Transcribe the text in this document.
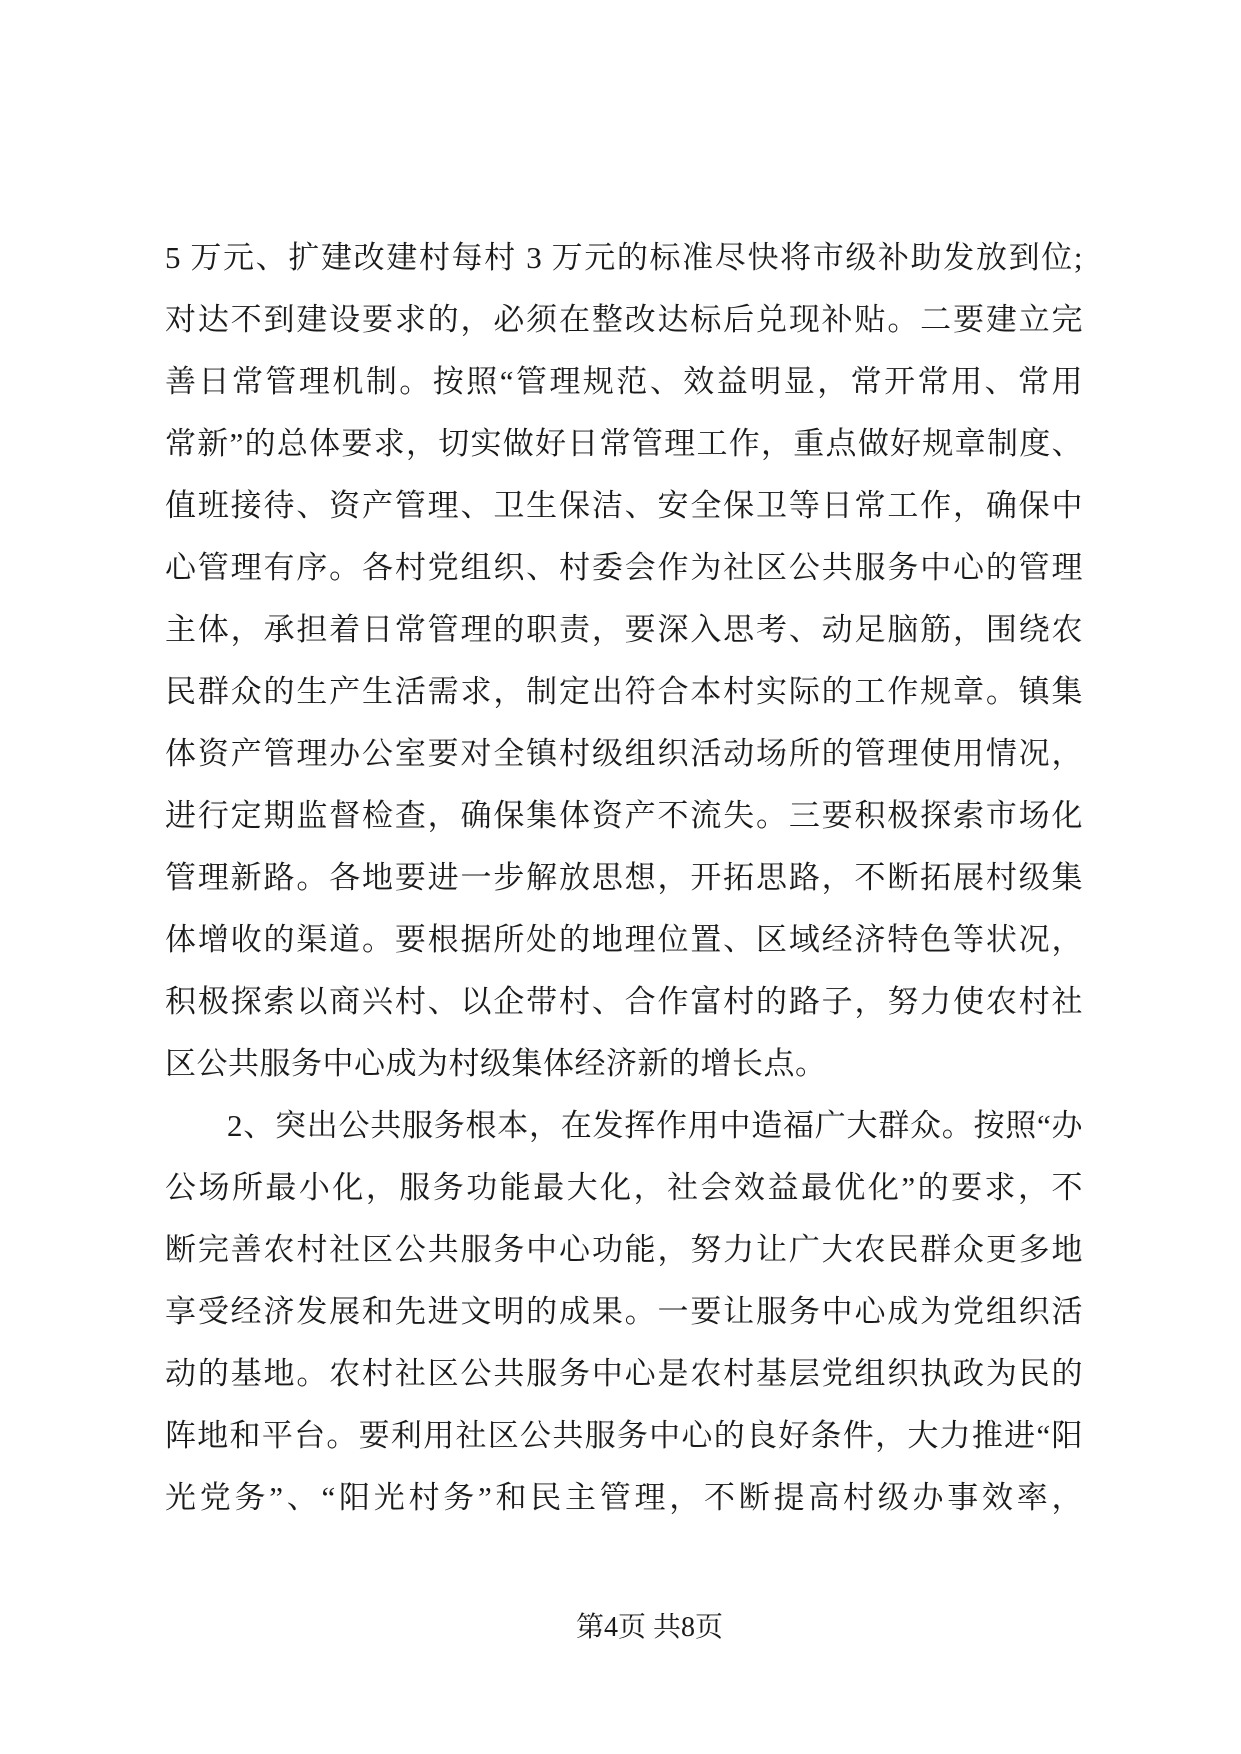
5 万元、扩建改建村每村 3 万元的标准尽快将市级补助发放到位;
对达不到建设要求的，必须在整改达标后兑现补贴。二要建立完
善日常管理机制。按照“管理规范、效益明显，常开常用、常用
常新”的总体要求，切实做好日常管理工作，重点做好规章制度、
值班接待、资产管理、卫生保洁、安全保卫等日常工作，确保中
心管理有序。各村党组织、村委会作为社区公共服务中心的管理
主体，承担着日常管理的职责，要深入思考、动足脑筋，围绕农
民群众的生产生活需求，制定出符合本村实际的工作规章。镇集
体资产管理办公室要对全镇村级组织活动场所的管理使用情况，
进行定期监督检查，确保集体资产不流失。三要积极探索市场化
管理新路。各地要进一步解放思想，开拓思路，不断拓展村级集
体增收的渠道。要根据所处的地理位置、区域经济特色等状况，
积极探索以商兴村、以企带村、合作富村的路子，努力使农村社
区公共服务中心成为村级集体经济新的增长点。
2、突出公共服务根本，在发挥作用中造福广大群众。按照“办
公场所最小化，服务功能最大化，社会效益最优化”的要求，不
断完善农村社区公共服务中心功能，努力让广大农民群众更多地
享受经济发展和先进文明的成果。一要让服务中心成为党组织活
动的基地。农村社区公共服务中心是农村基层党组织执政为民的
阵地和平台。要利用社区公共服务中心的良好条件，大力推进“阳
光党务”、“阳光村务”和民主管理，不断提高村级办事效率，
第4页 共8页
